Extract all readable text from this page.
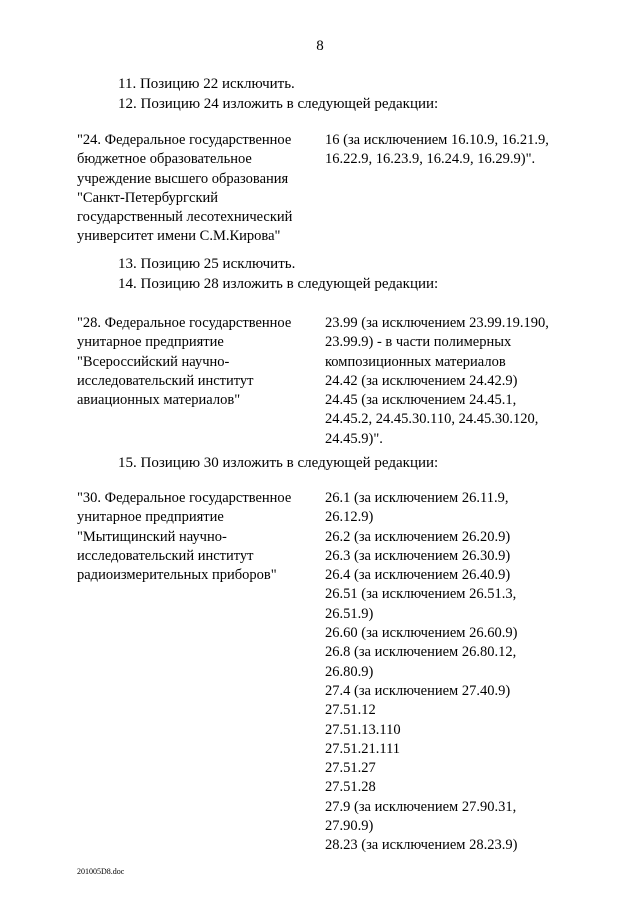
8
11. Позицию 22 исключить.
12. Позицию 24 изложить в следующей редакции:
"24. Федеральное государственное
бюджетное образовательное
учреждение высшего образования
"Санкт-Петербургский
государственный лесотехнический
университет имени С.М.Кирова"
16 (за исключением 16.10.9, 16.21.9,
16.22.9, 16.23.9, 16.24.9, 16.29.9)".
13. Позицию 25 исключить.
14. Позицию 28 изложить в следующей редакции:
"28. Федеральное государственное
унитарное предприятие
"Всероссийский научно-
исследовательский институт
авиационных материалов"
23.99 (за исключением 23.99.19.190,
23.99.9) - в части полимерных
композиционных материалов
24.42 (за исключением 24.42.9)
24.45 (за исключением 24.45.1,
24.45.2, 24.45.30.110, 24.45.30.120,
24.45.9)".
15. Позицию 30 изложить в следующей редакции:
"30. Федеральное государственное
унитарное предприятие
"Мытищинский научно-
исследовательский институт
радиоизмерительных приборов"
26.1 (за исключением 26.11.9,
26.12.9)
26.2 (за исключением 26.20.9)
26.3 (за исключением 26.30.9)
26.4 (за исключением 26.40.9)
26.51 (за исключением 26.51.3,
26.51.9)
26.60 (за исключением 26.60.9)
26.8 (за исключением 26.80.12,
26.80.9)
27.4 (за исключением 27.40.9)
27.51.12
27.51.13.110
27.51.21.111
27.51.27
27.51.28
27.9 (за исключением 27.90.31,
27.90.9)
28.23 (за исключением 28.23.9)
201005D8.doc
